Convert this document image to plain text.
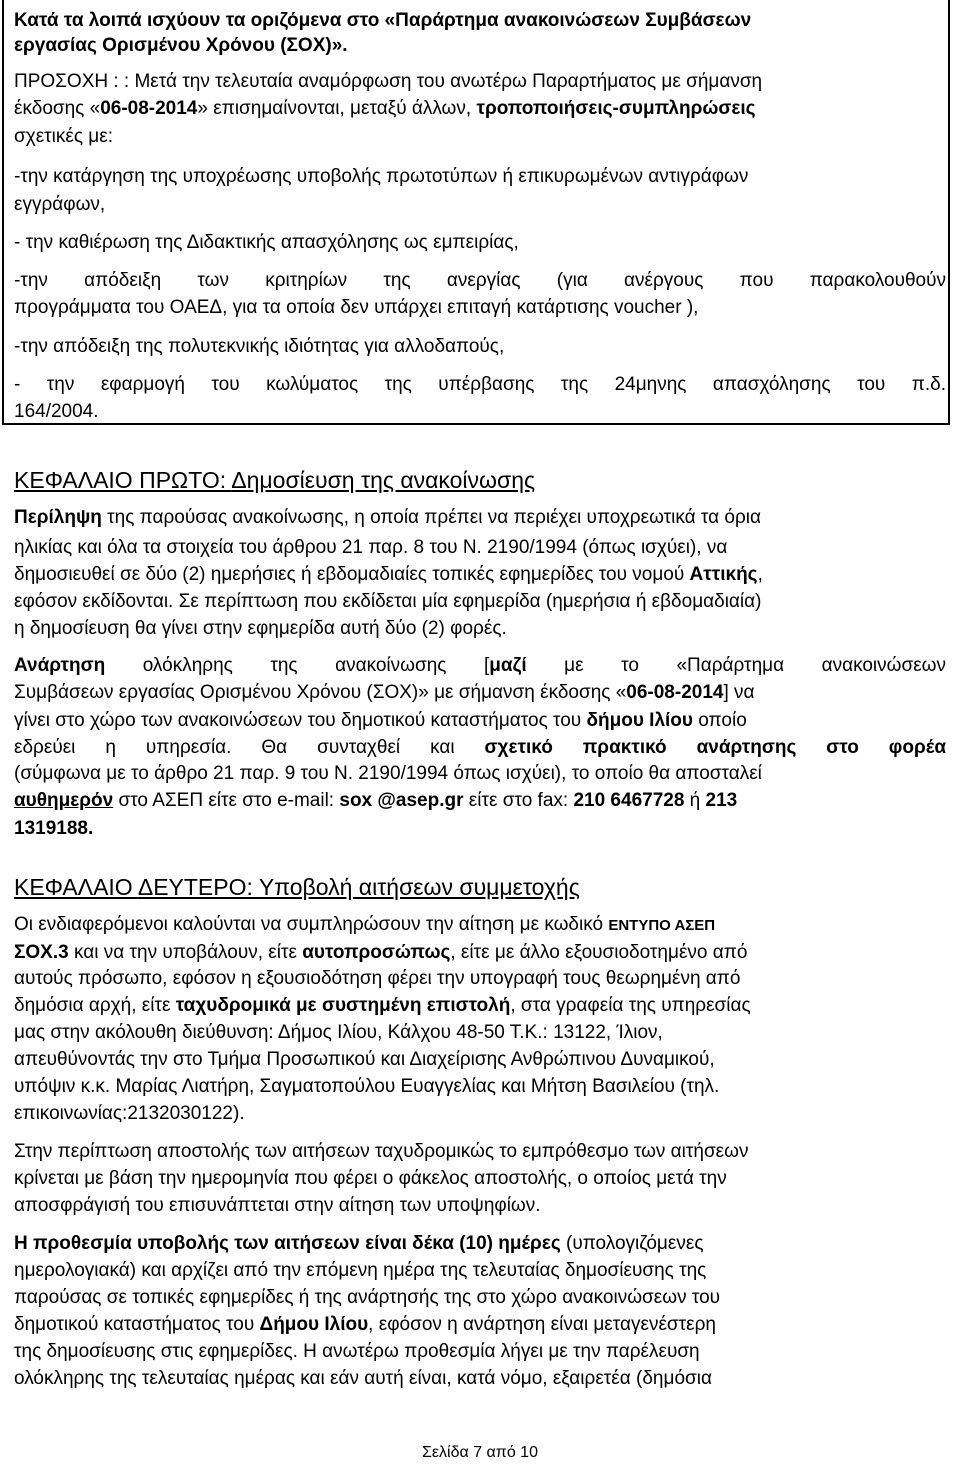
Κατά τα λοιπά ισχύουν τα οριζόμενα στο «Παράρτημα ανακοινώσεων Συμβάσεων
εργασίας Ορισμένου Χρόνου (ΣΟΧ)».
ΠΡΟΣΟΧΗ : : Μετά την τελευταία αναμόρφωση του ανωτέρω Παραρτήματος με σήμανση
έκδοσης «06-08-2014» επισημαίνονται, μεταξύ άλλων, τροποποιήσεις-συμπληρώσεις
σχετικές με:
-την κατάργηση της υποχρέωσης υποβολής πρωτοτύπων ή επικυρωμένων αντιγράφων
εγγράφων,
- την καθιέρωση της Διδακτικής απασχόλησης ως εμπειρίας,
-την απόδειξη των κριτηρίων της ανεργίας (για ανέργους που παρακολουθούν
προγράμματα του ΟΑΕΔ, για τα οποία δεν υπάρχει επιταγή κατάρτισης voucher ),
-την απόδειξη της πολυτεκνικής ιδιότητας για αλλοδαπούς,
- την εφαρμογή του κωλύματος της υπέρβασης της 24μηνης απασχόλησης του π.δ.
164/2004.
ΚΕΦΑΛΑΙΟ ΠΡΩΤΟ: Δημοσίευση της ανακοίνωσης
Περίληψη της παρούσας ανακοίνωσης, η οποία πρέπει να περιέχει υποχρεωτικά τα όρια
ηλικίας και όλα τα στοιχεία του άρθρου 21 παρ. 8 του Ν. 2190/1994 (όπως ισχύει), να
δημοσιευθεί σε δύο (2) ημερήσιες ή εβδομαδιαίες τοπικές εφημερίδες του νομού Αττικής,
εφόσον εκδίδονται. Σε περίπτωση που εκδίδεται μία εφημερίδα (ημερήσια ή εβδομαδιαία)
η δημοσίευση θα γίνει στην εφημερίδα αυτή δύο (2) φορές.
Ανάρτηση ολόκληρης της ανακοίνωσης [μαζί με το «Παράρτημα ανακοινώσεων
Συμβάσεων εργασίας Ορισμένου Χρόνου (ΣΟΧ)» με σήμανση έκδοσης «06-08-2014] να
γίνει στο χώρο των ανακοινώσεων του δημοτικού καταστήματος του δήμου Ιλίου οποίο
εδρεύει η υπηρεσία. Θα συνταχθεί και σχετικό πρακτικό ανάρτησης στο φορέα
(σύμφωνα με το άρθρο 21 παρ. 9 του Ν. 2190/1994 όπως ισχύει), το οποίο θα αποσταλεί
αυθημερόν στο ΑΣΕΠ είτε στο e-mail: sox @asep.gr είτε στο fax: 210 6467728 ή 213
1319188.
ΚΕΦΑΛΑΙΟ ΔΕΥΤΕΡΟ: Υποβολή αιτήσεων συμμετοχής
Οι ενδιαφερόμενοι καλούνται να συμπληρώσουν την αίτηση με κωδικό ΕΝΤΥΠΟ ΑΣΕΠ
ΣΟΧ.3 και να την υποβάλουν, είτε αυτοπροσώπως, είτε με άλλο εξουσιοδοτημένο από
αυτούς πρόσωπο, εφόσον η εξουσιοδότηση φέρει την υπογραφή τους θεωρημένη από
δημόσια αρχή, είτε ταχυδρομικά με συστημένη επιστολή, στα γραφεία της υπηρεσίας
μας στην ακόλουθη διεύθυνση: Δήμος Ιλίου, Κάλχου 48-50 Τ.Κ.: 13122, Ίλιον,
απευθύνοντάς την στο Τμήμα Προσωπικού και Διαχείρισης Ανθρώπινου Δυναμικού,
υπόψιν κ.κ. Μαρίας Λιατήρη, Σαγματοπούλου Ευαγγελίας και Μήτση Βασιλείου (τηλ.
επικοινωνίας:2132030122).
Στην περίπτωση αποστολής των αιτήσεων ταχυδρομικώς το εμπρόθεσμο των αιτήσεων
κρίνεται με βάση την ημερομηνία που φέρει ο φάκελος αποστολής, ο οποίος μετά την
αποσφράγισή του επισυνάπτεται στην αίτηση των υποψηφίων.
Η προθεσμία υποβολής των αιτήσεων είναι δέκα (10) ημέρες (υπολογιζόμενες
ημερολογιακά) και αρχίζει από την επόμενη ημέρα της τελευταίας δημοσίευσης της
παρούσας σε τοπικές εφημερίδες ή της ανάρτησής της στο χώρο ανακοινώσεων του
δημοτικού καταστήματος του Δήμου Ιλίου, εφόσον η ανάρτηση είναι μεταγενέστερη
της δημοσίευσης στις εφημερίδες. Η ανωτέρω προθεσμία λήγει με την παρέλευση
ολόκληρης της τελευταίας ημέρας και εάν αυτή είναι, κατά νόμο, εξαιρετέα (δημόσια
Σελίδα 7 από 10
